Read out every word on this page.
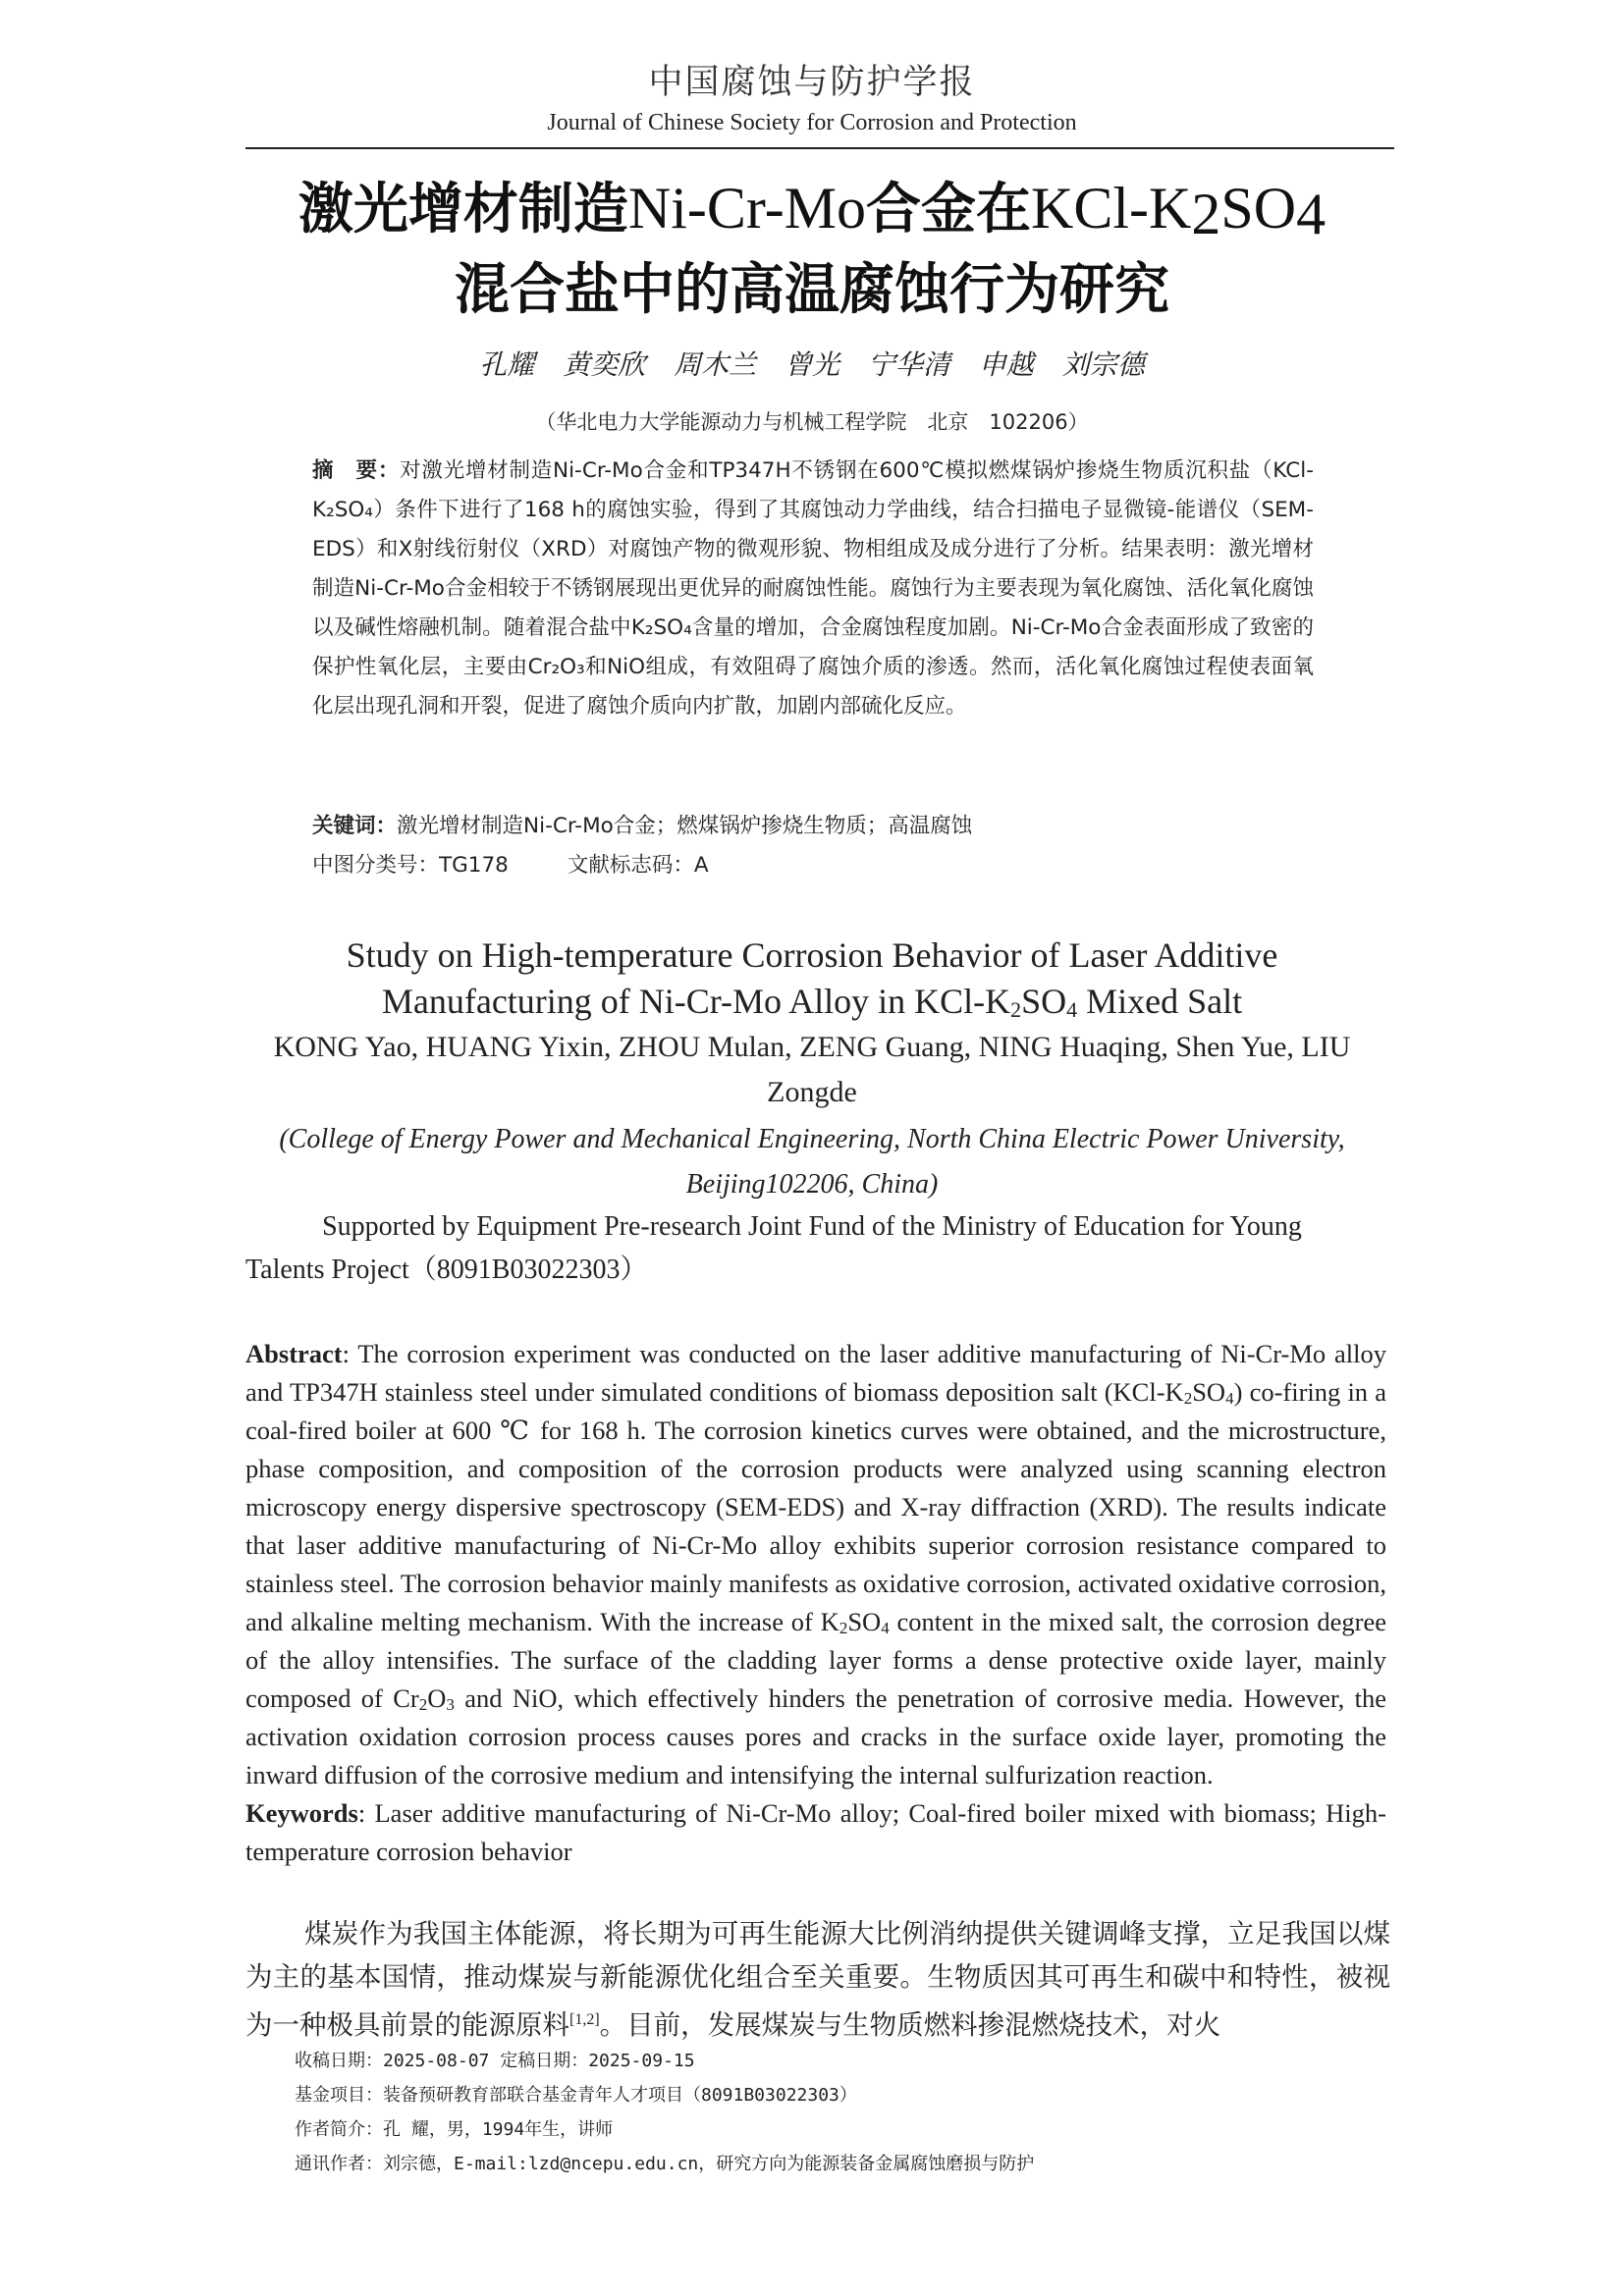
中国腐蚀与防护学报
Journal of Chinese Society for Corrosion and Protection
激光增材制造Ni-Cr-Mo合金在KCl-$K_2SO_4$
混合盐中的高温腐蚀行为研究
孔耀 黄奕欣 周木兰 曾光 宁华清 申越 刘宗德
（华北电力大学能源动力与机械工程学院　北京　102206）
摘　要：对激光增材制造Ni-Cr-Mo合金和TP347H不锈钢在600℃模拟燃煤锅炉掺烧生物质沉积盐（KCl-K₂SO₄）条件下进行了168 h的腐蚀实验，得到了其腐蚀动力学曲线，结合扫描电子显微镜-能谱仪（SEM-EDS）和X射线衍射仪（XRD）对腐蚀产物的微观形貌、物相组成及成分进行了分析。结果表明：激光增材制造Ni-Cr-Mo合金相较于不锈钢展现出更优异的耐腐蚀性能。腐蚀行为主要表现为氧化腐蚀、活化氧化腐蚀以及碱性熔融机制。随着混合盐中K₂SO₄含量的增加，合金腐蚀程度加剧。Ni-Cr-Mo合金表面形成了致密的保护性氧化层，主要由Cr₂O₃和NiO组成，有效阻碍了腐蚀介质的渗透。然而，活化氧化腐蚀过程使表面氧化层出现孔洞和开裂，促进了腐蚀介质向内扩散，加剧内部硫化反应。
关键词：激光增材制造Ni-Cr-Mo合金；燃煤锅炉掺烧生物质；高温腐蚀
中图分类号：TG178	文献标志码：A
Study on High-temperature Corrosion Behavior of Laser Additive
Manufacturing of Ni-Cr-Mo Alloy in KCl-$K_2SO_4$ Mixed Salt
KONG Yao, HUANG Yixin, ZHOU Mulan, ZENG Guang, NING Huaqing, Shen Yue, LIU Zongde
(College of Energy Power and Mechanical Engineering, North China Electric Power University, Beijing102206, China)
Supported by Equipment Pre-research Joint Fund of the Ministry of Education for Young
Talents Project（8091B03022303）
Abstract: The corrosion experiment was conducted on the laser additive manufacturing of Ni-Cr-Mo alloy and TP347H stainless steel under simulated conditions of biomass deposition salt $(KCl-K_2SO_4)$ co-firing in a coal-fired boiler at 600 ℃ for 168 h. The corrosion kinetics curves were obtained, and the microstructure, phase composition, and composition of the corrosion products were analyzed using scanning electron microscopy energy dispersive spectroscopy (SEM-EDS) and X-ray diffraction (XRD). The results indicate that laser additive manufacturing of Ni-Cr-Mo alloy exhibits superior corrosion resistance compared to stainless steel. The corrosion behavior mainly manifests as oxidative corrosion, activated oxidative corrosion, and alkaline melting mechanism. With the increase of $K_2SO_4$ content in the mixed salt, the corrosion degree of the alloy intensifies. The surface of the cladding layer forms a dense protective oxide layer, mainly composed of $Cr_2O_3$ and NiO, which effectively hinders the penetration of corrosive media. However, the activation oxidation corrosion process causes pores and cracks in the surface oxide layer, promoting the inward diffusion of the corrosive medium and intensifying the internal sulfurization reaction.
Keywords: Laser additive manufacturing of Ni-Cr-Mo alloy; Coal-fired boiler mixed with biomass; High-temperature corrosion behavior
煤炭作为我国主体能源，将长期为可再生能源大比例消纳提供关键调峰支撑，立足我国以煤为主的基本国情，推动煤炭与新能源优化组合至关重要。生物质因其可再生和碳中和特性，被视为一种极具前景的能源原料[1,2]。目前，发展煤炭与生物质燃料掺混燃烧技术，对火
收稿日期：2025-08-07 定稿日期：2025-09-15
基金项目：装备预研教育部联合基金青年人才项目（8091B03022303）
作者简介：孔 耀，男，1994年生，讲师
通讯作者：刘宗德，E-mail:lzd@ncepu.edu.cn，研究方向为能源装备金属腐蚀磨损与防护
